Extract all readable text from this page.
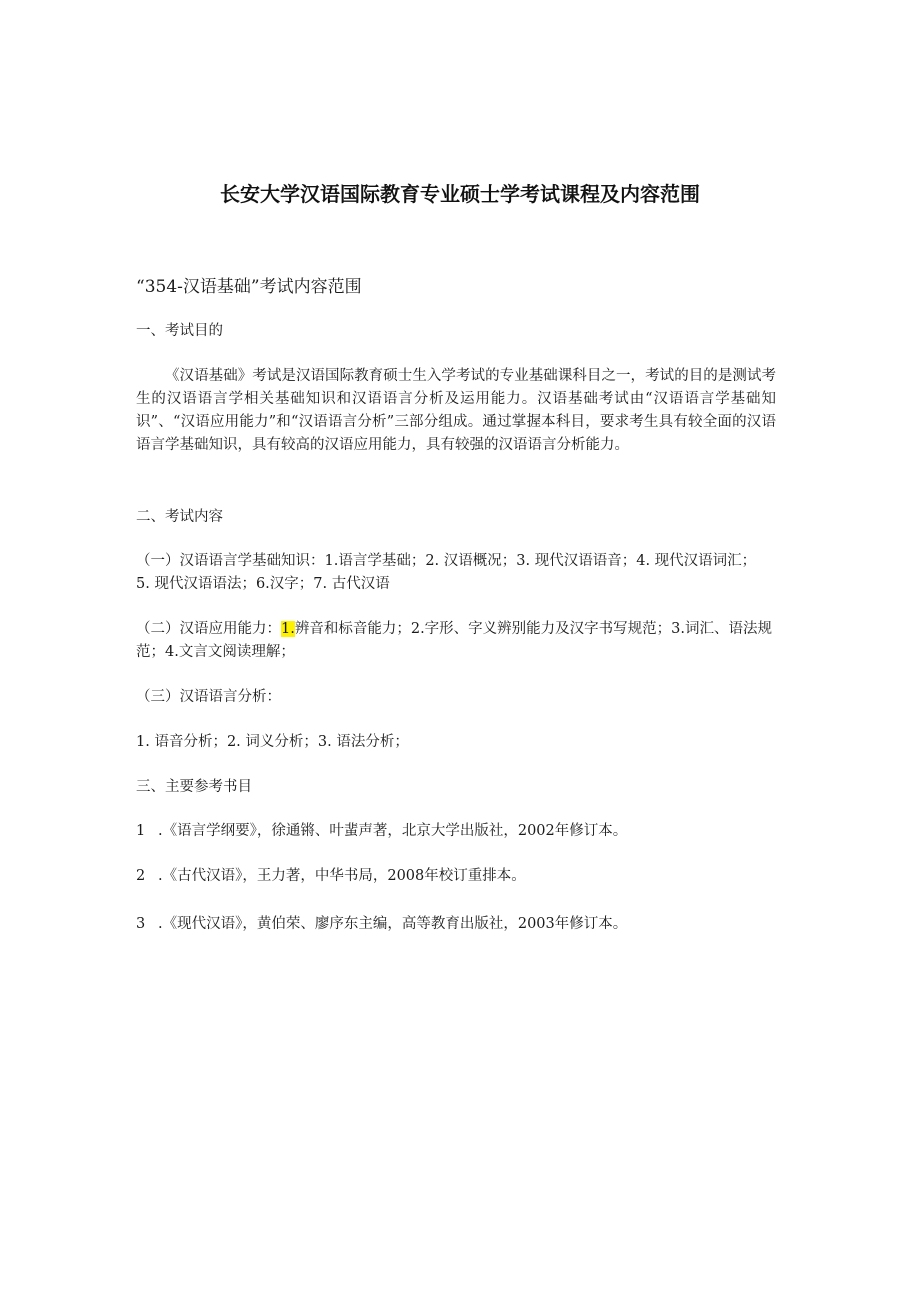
长安大学汉语国际教育专业硕士学考试课程及内容范围
“354-汉语基础”考试内容范围
一、考试目的
《汉语基础》考试是汉语国际教育硕士生入学考试的专业基础课科目之一，考试的目的是测试考生的汉语语言学相关基础知识和汉语语言分析及运用能力。汉语基础考试由“汉语语言学基础知识”、“汉语应用能力”和“汉语语言分析”三部分组成。通过掌握本科目，要求考生具有较全面的汉语语言学基础知识，具有较高的汉语应用能力，具有较强的汉语语言分析能力。
二、考试内容
（一）汉语语言学基础知识：1.语言学基础；2. 汉语概况；3. 现代汉语语音；4. 现代汉语词汇；5. 现代汉语语法；6.汉字；7. 古代汉语
（二）汉语应用能力：1.辨音和标音能力；2.字形、字义辨别能力及汉字书写规范；3.词汇、语法规范；4.文言文阅读理解；
（三）汉语语言分析：
1. 语音分析；2. 词义分析；3. 语法分析；
三、主要参考书目
1 .《语言学纲要》，徐通锵、叶蜚声著，北京大学出版社，2002年修订本。
2 .《古代汉语》，王力著，中华书局，2008年校订重排本。
3 .《现代汉语》，黄伯荣、廖序东主编，高等教育出版社，2003年修订本。
